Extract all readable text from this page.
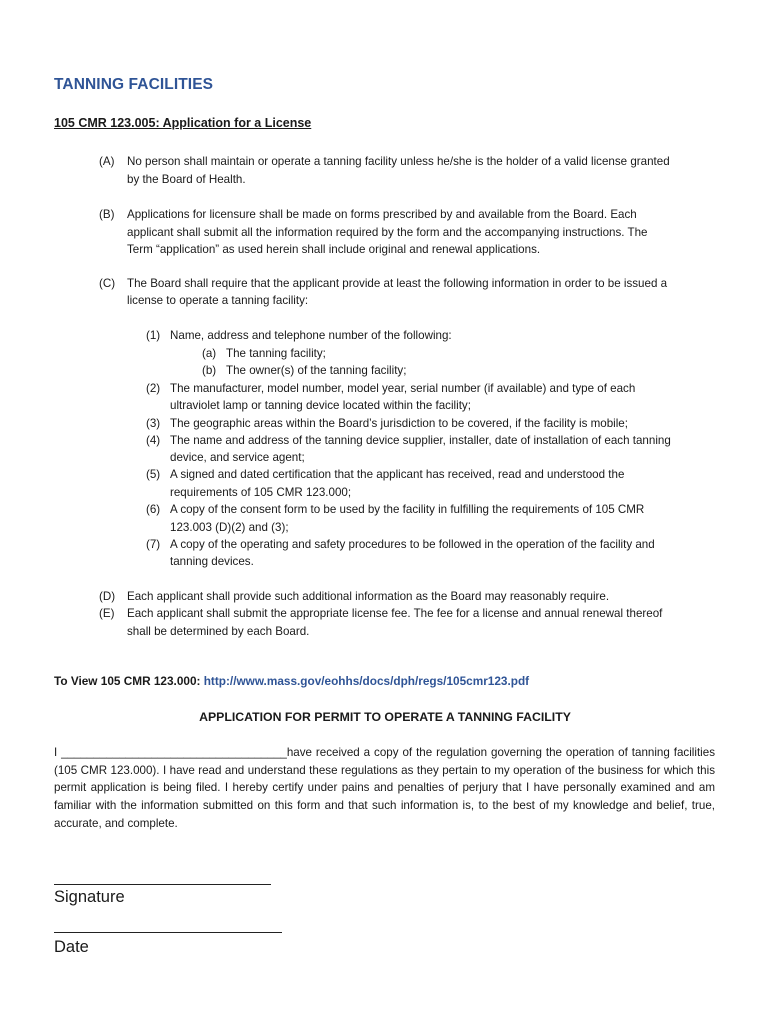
TANNING FACILITIES
105 CMR 123.005: Application for a License
(A) No person shall maintain or operate a tanning facility unless he/she is the holder of a valid license granted
by the Board of Health.
(B) Applications for licensure shall be made on forms prescribed by and available from the Board. Each
applicant shall submit all the information required by the form and the accompanying instructions. The
Term “application” as used herein shall include original and renewal applications.
(C) The Board shall require that the applicant provide at least the following information in order to be issued a
license to operate a tanning facility:
(1) Name, address and telephone number of the following:
(a) The tanning facility;
(b) The owner(s) of the tanning facility;
(2) The manufacturer, model number, model year, serial number (if available) and type of each
ultraviolet lamp or tanning device located within the facility;
(3) The geographic areas within the Board’s jurisdiction to be covered, if the facility is mobile;
(4) The name and address of the tanning device supplier, installer, date of installation of each tanning
device, and service agent;
(5) A signed and dated certification that the applicant has received, read and understood the
requirements of 105 CMR 123.000;
(6) A copy of the consent form to be used by the facility in fulfilling the requirements of 105 CMR
123.003 (D)(2) and (3);
(7) A copy of the operating and safety procedures to be followed in the operation of the facility and
tanning devices.
(D) Each applicant shall provide such additional information as the Board may reasonably require.
(E) Each applicant shall submit the appropriate license fee. The fee for a license and annual renewal thereof
shall be determined by each Board.
To View 105 CMR 123.000: http://www.mass.gov/eohhs/docs/dph/regs/105cmr123.pdf
APPLICATION FOR PERMIT TO OPERATE A TANNING FACILITY
I ___________________________________have received a copy of the regulation governing the operation of tanning facilities (105 CMR 123.000). I have read and understand these regulations as they pertain to my operation of the business for which this permit application is being filed. I hereby certify under pains and penalties of perjury that I have personally examined and am familiar with the information submitted on this form and that such information is, to the best of my knowledge and belief, true, accurate, and complete.
Signature
Date
